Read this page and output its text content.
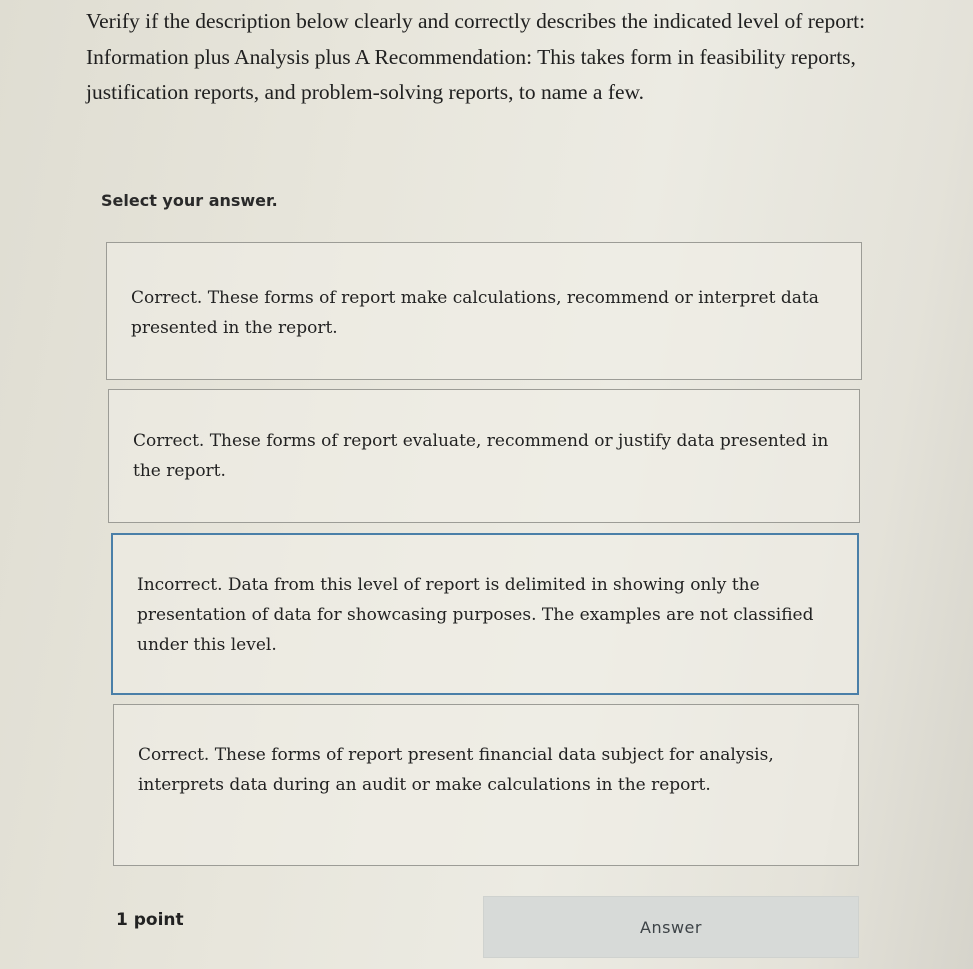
Verify if the description below clearly and correctly describes the indicated level of report:

Information plus Analysis plus A Recommendation: This takes form in feasibility reports, justification reports, and problem-solving reports, to name a few.

Select your answer.
Correct. These forms of report make calculations, recommend or interpret data presented in the report.
Correct. These forms of report evaluate, recommend or justify data presented in the report.
Incorrect. Data from this level of report is delimited in showing only the presentation of data for showcasing purposes. The examples are not classified under this level.
Correct. These forms of report present financial data subject for analysis, interprets data during an audit or make calculations in the report.
1 point	Answer
